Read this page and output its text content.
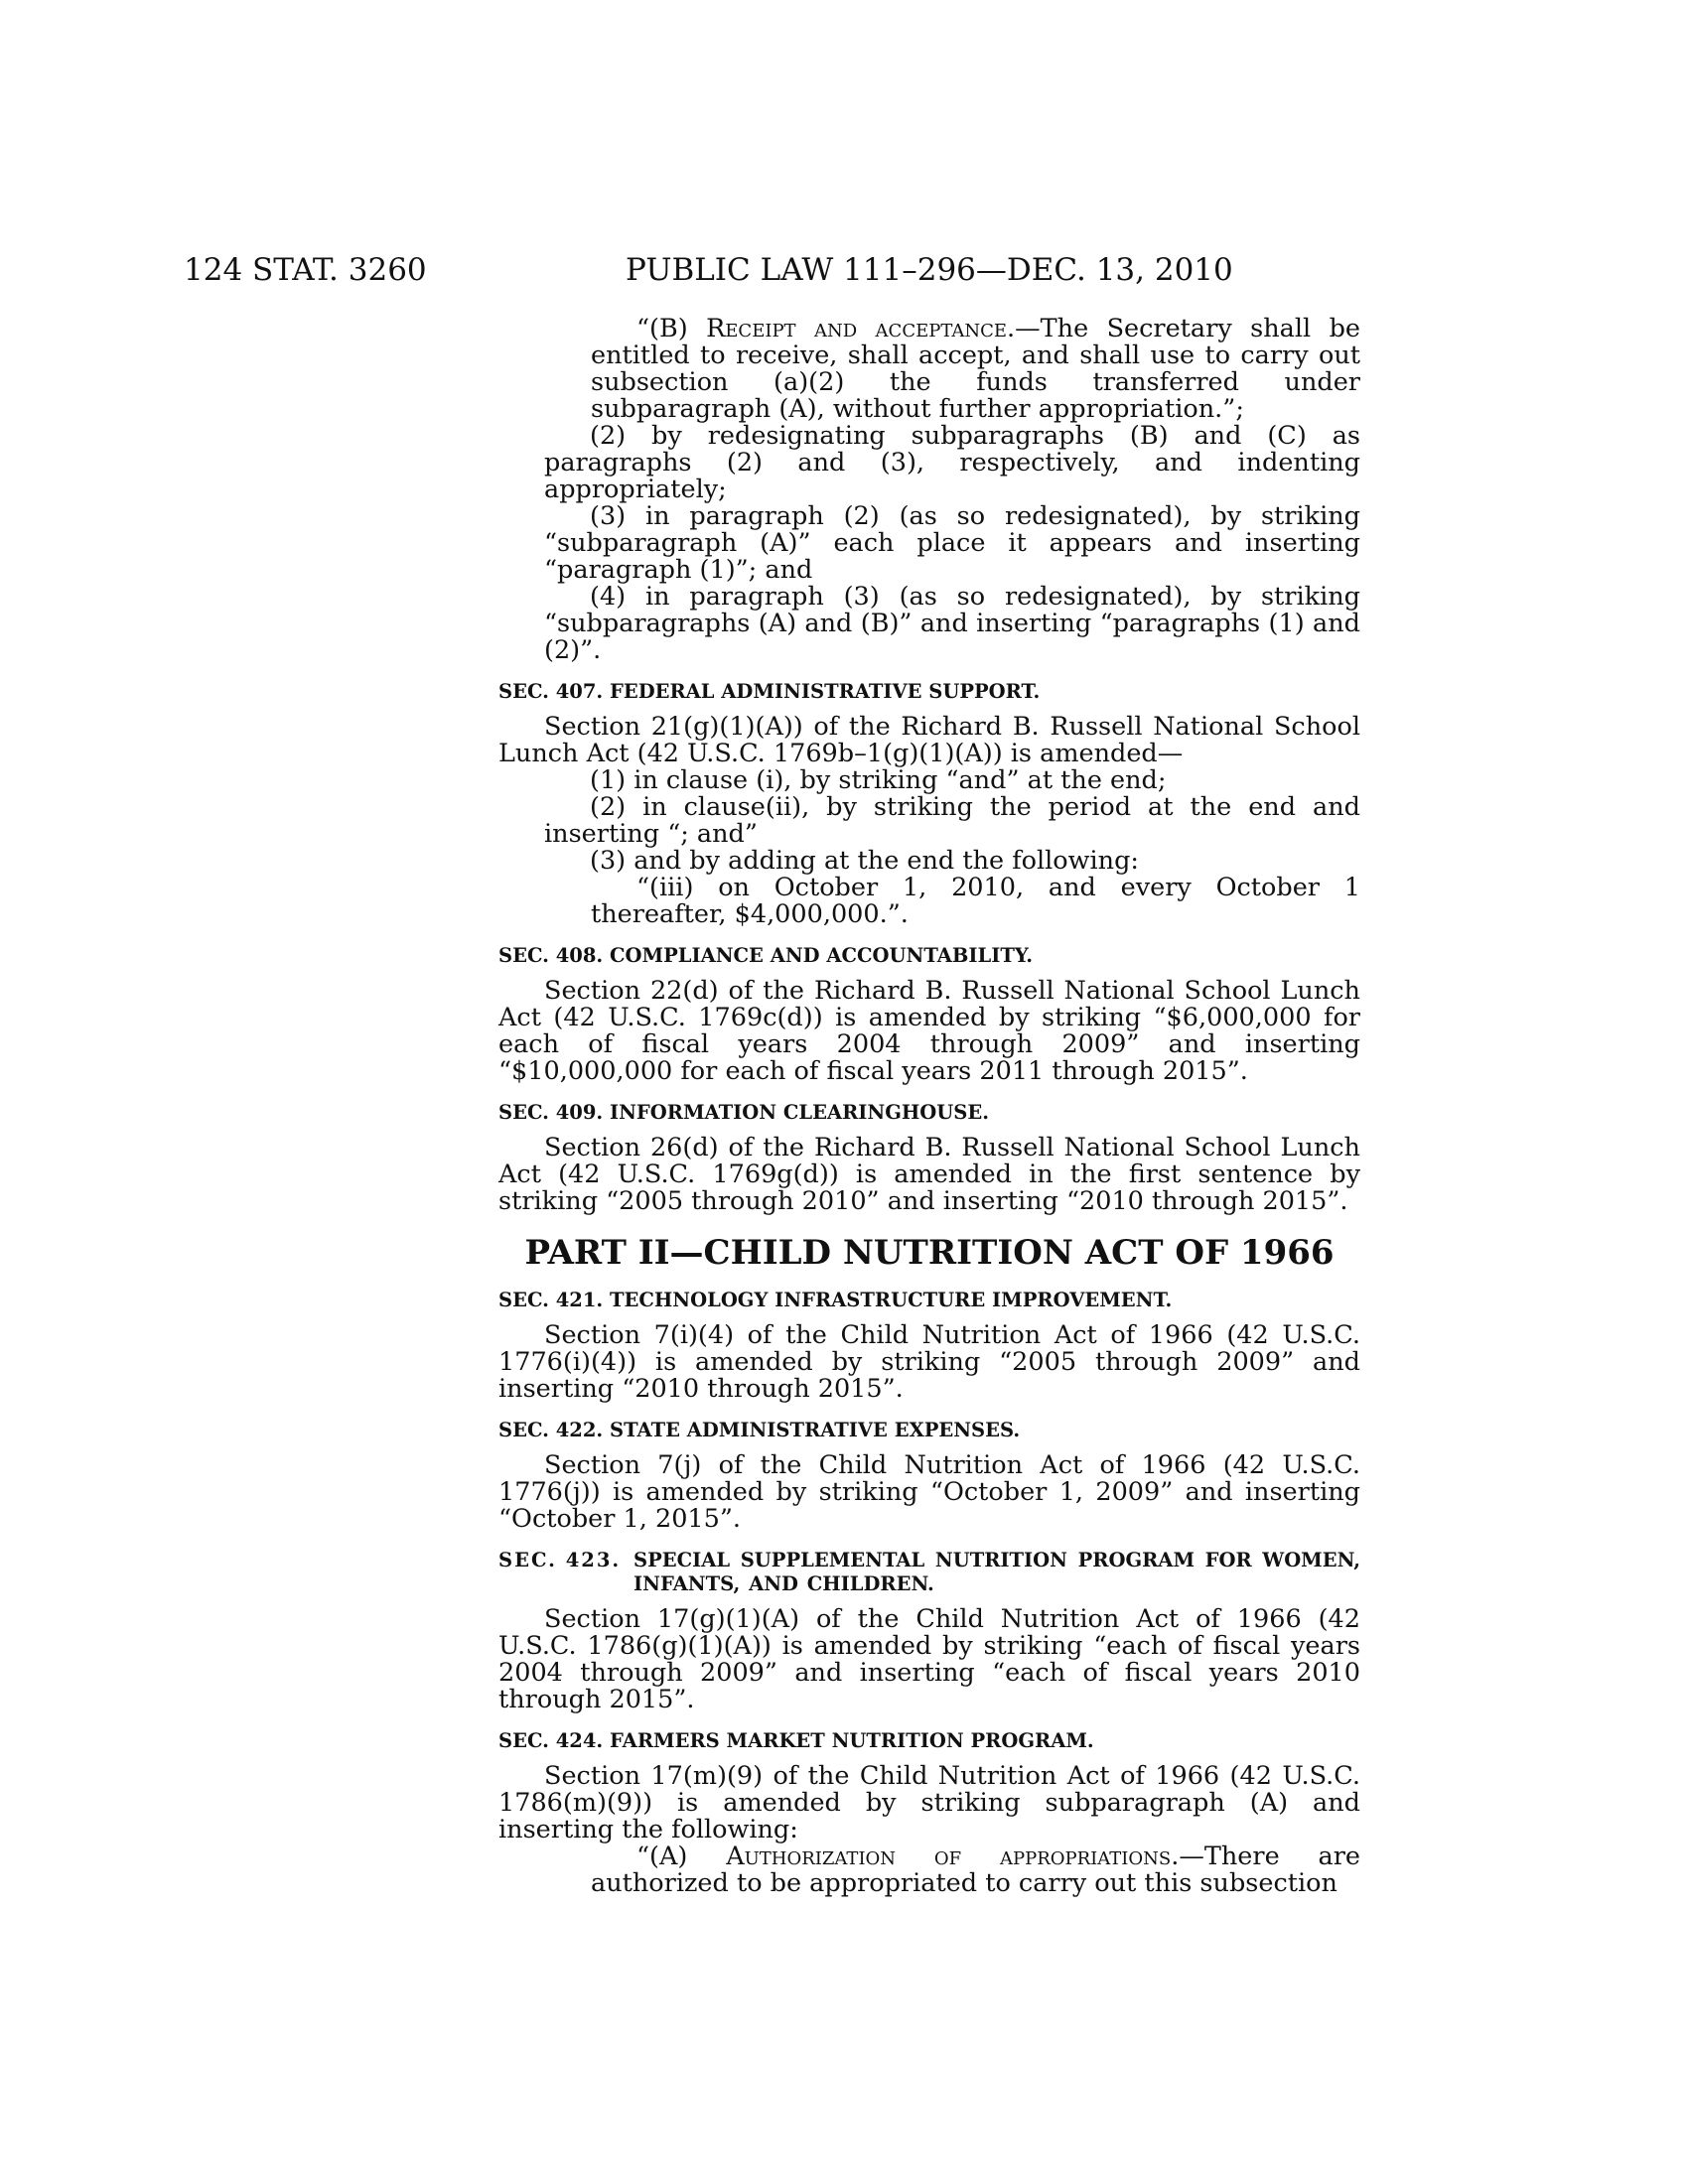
124 STAT. 3260	PUBLIC LAW 111–296—DEC. 13, 2010

“(B) Receipt and acceptance.—The Secretary shall be entitled to receive, shall accept, and shall use to carry out subsection (a)(2) the funds transferred under subparagraph (A), without further appropriation.”;

(2) by redesignating subparagraphs (B) and (C) as paragraphs (2) and (3), respectively, and indenting appropriately;

(3) in paragraph (2) (as so redesignated), by striking “subparagraph (A)” each place it appears and inserting “paragraph (1)”; and

(4) in paragraph (3) (as so redesignated), by striking “subparagraphs (A) and (B)” and inserting “paragraphs (1) and (2)”.

SEC. 407. FEDERAL ADMINISTRATIVE SUPPORT.

Section 21(g)(1)(A)) of the Richard B. Russell National School Lunch Act (42 U.S.C. 1769b–1(g)(1)(A)) is amended—

(1) in clause (i), by striking “and” at the end;

(2) in clause(ii), by striking the period at the end and inserting “; and”

(3) and by adding at the end the following:

“(iii) on October 1, 2010, and every October 1 thereafter, $4,000,000.”.

SEC. 408. COMPLIANCE AND ACCOUNTABILITY.

Section 22(d) of the Richard B. Russell National School Lunch Act (42 U.S.C. 1769c(d)) is amended by striking “$6,000,000 for each of fiscal years 2004 through 2009” and inserting “$10,000,000 for each of fiscal years 2011 through 2015”.

SEC. 409. INFORMATION CLEARINGHOUSE.

Section 26(d) of the Richard B. Russell National School Lunch Act (42 U.S.C. 1769g(d)) is amended in the first sentence by striking “2005 through 2010” and inserting “2010 through 2015”.

PART II—CHILD NUTRITION ACT OF 1966
SEC. 421. TECHNOLOGY INFRASTRUCTURE IMPROVEMENT.

Section 7(i)(4) of the Child Nutrition Act of 1966 (42 U.S.C. 1776(i)(4)) is amended by striking “2005 through 2009” and inserting “2010 through 2015”.

SEC. 422. STATE ADMINISTRATIVE EXPENSES.

Section 7(j) of the Child Nutrition Act of 1966 (42 U.S.C. 1776(j)) is amended by striking “October 1, 2009” and inserting “October 1, 2015”.

SEC. 423. SPECIAL SUPPLEMENTAL NUTRITION PROGRAM FOR WOMEN, INFANTS, AND CHILDREN.

Section 17(g)(1)(A) of the Child Nutrition Act of 1966 (42 U.S.C. 1786(g)(1)(A)) is amended by striking “each of fiscal years 2004 through 2009” and inserting “each of fiscal years 2010 through 2015”.

SEC. 424. FARMERS MARKET NUTRITION PROGRAM.

Section 17(m)(9) of the Child Nutrition Act of 1966 (42 U.S.C. 1786(m)(9)) is amended by striking subparagraph (A) and inserting the following:

“(A) Authorization of appropriations.—There are authorized to be appropriated to carry out this subsection
